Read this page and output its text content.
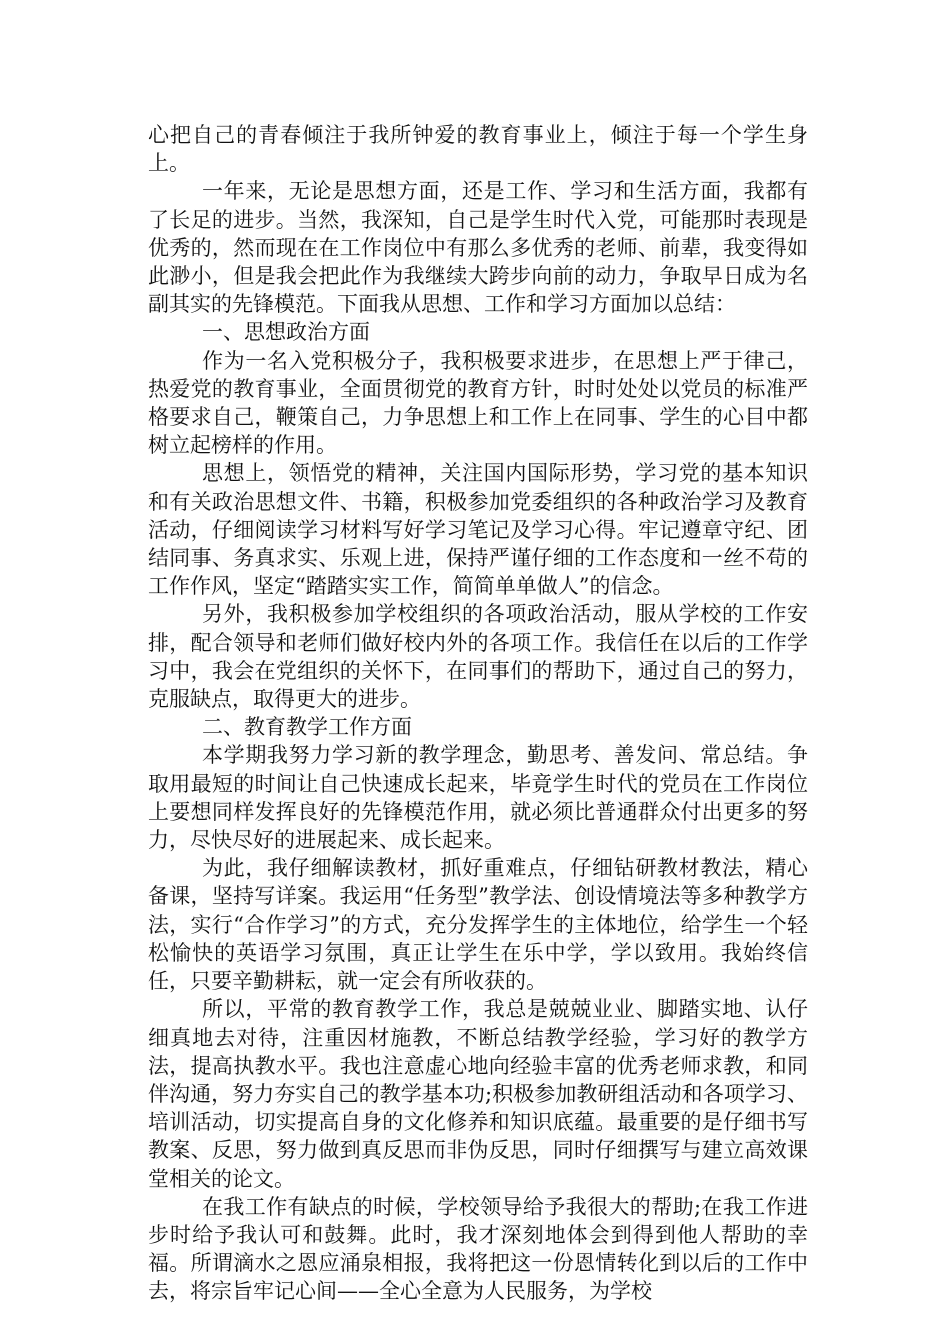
心把自己的青春倾注于我所钟爱的教育事业上，倾注于每一个学生身上。

一年来，无论是思想方面，还是工作、学习和生活方面，我都有了长足的进步。当然，我深知，自己是学生时代入党，可能那时表现是优秀的，然而现在在工作岗位中有那么多优秀的老师、前辈，我变得如此渺小，但是我会把此作为我继续大跨步向前的动力，争取早日成为名副其实的先锋模范。下面我从思想、工作和学习方面加以总结：

一、思想政治方面

作为一名入党积极分子，我积极要求进步，在思想上严于律己，热爱党的教育事业，全面贯彻党的教育方针，时时处处以党员的标准严格要求自己，鞭策自己，力争思想上和工作上在同事、学生的心目中都树立起榜样的作用。

思想上，领悟党的精神，关注国内国际形势，学习党的基本知识和有关政治思想文件、书籍，积极参加党委组织的各种政治学习及教育活动，仔细阅读学习材料写好学习笔记及学习心得。牢记遵章守纪、团结同事、务真求实、乐观上进，保持严谨仔细的工作态度和一丝不苟的工作作风，坚定“踏踏实实工作，简简单单做人”的信念。

另外，我积极参加学校组织的各项政治活动，服从学校的工作安排，配合领导和老师们做好校内外的各项工作。我信任在以后的工作学习中，我会在党组织的关怀下，在同事们的帮助下，通过自己的努力，克服缺点，取得更大的进步。

二、教育教学工作方面

本学期我努力学习新的教学理念，勤思考、善发问、常总结。争取用最短的时间让自己快速成长起来，毕竟学生时代的党员在工作岗位上要想同样发挥良好的先锋模范作用，就必须比普通群众付出更多的努力，尽快尽好的进展起来、成长起来。

为此，我仔细解读教材，抓好重难点，仔细钻研教材教法，精心备课，坚持写详案。我运用“任务型”教学法、创设情境法等多种教学方法，实行“合作学习”的方式，充分发挥学生的主体地位，给学生一个轻松愉快的英语学习氛围，真正让学生在乐中学，学以致用。我始终信任，只要辛勤耕耘，就一定会有所收获的。

所以，平常的教育教学工作，我总是兢兢业业、脚踏实地、认仔细真地去对待，注重因材施教，不断总结教学经验，学习好的教学方法，提高执教水平。我也注意虚心地向经验丰富的优秀老师求教，和同伴沟通，努力夯实自己的教学基本功;积极参加教研组活动和各项学习、培训活动，切实提高自身的文化修养和知识底蕴。最重要的是仔细书写教案、反思，努力做到真反思而非伪反思，同时仔细撰写与建立高效课堂相关的论文。

在我工作有缺点的时候，学校领导给予我很大的帮助;在我工作进步时给予我认可和鼓舞。此时，我才深刻地体会到得到他人帮助的幸福。所谓滴水之恩应涌泉相报，我将把这一份恩情转化到以后的工作中去，将宗旨牢记心间——全心全意为人民服务，为学校
